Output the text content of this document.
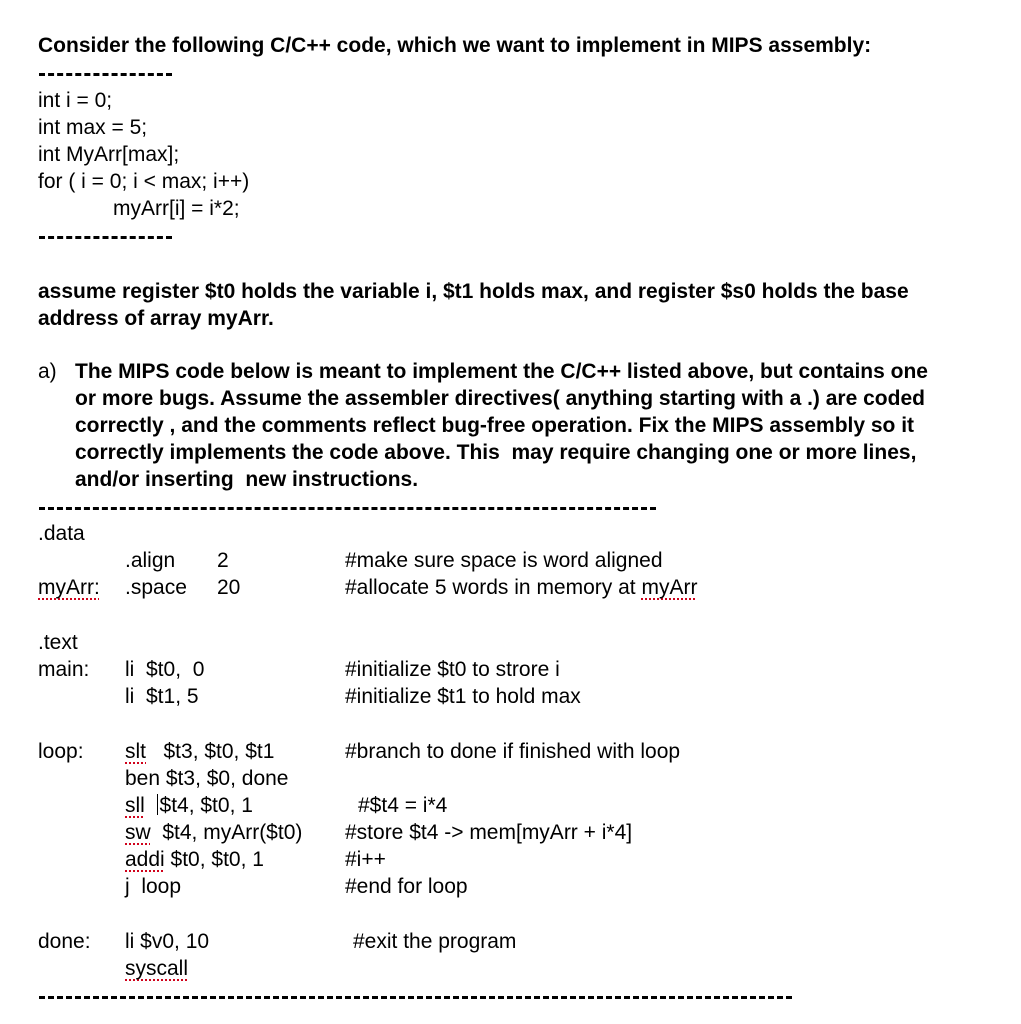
Consider the following C/C++ code, which we want to implement in MIPS assembly:
int i = 0;
int max = 5;
int MyArr[max];
for ( i = 0; i < max; i++)
myArr[i] = i*2;
assume register $t0 holds the variable i, $t1 holds max, and register $s0 holds the base
address of array myArr.
a) The MIPS code below is meant to implement the C/C++ listed above, but contains one
or more bugs. Assume the assembler directives( anything starting with a .) are coded
correctly , and the comments reflect bug-free operation. Fix the MIPS assembly so it
correctly implements the code above. This  may require changing one or more lines,
and/or inserting  new instructions.
.data
.align 2	#make sure space is word aligned
myArr: .space 20	#allocate 5 words in memory at myArr
.text
main: li  $t0,  0	#initialize $t0 to strore i
li  $t1, 5	#initialize $t1 to hold max
loop: slt   $t3, $t0, $t1	#branch to done if finished with loop
ben $t3, $0, done
sll $t4, $t0, 1	#$t4 = i*4
sw  $t4, myArr($t0) #store $t4 -> mem[myArr + i*4]
addi $t0, $t0, 1	#i++
j  loop	#end for loop
done: li $v0, 10	#exit the program
syscall
